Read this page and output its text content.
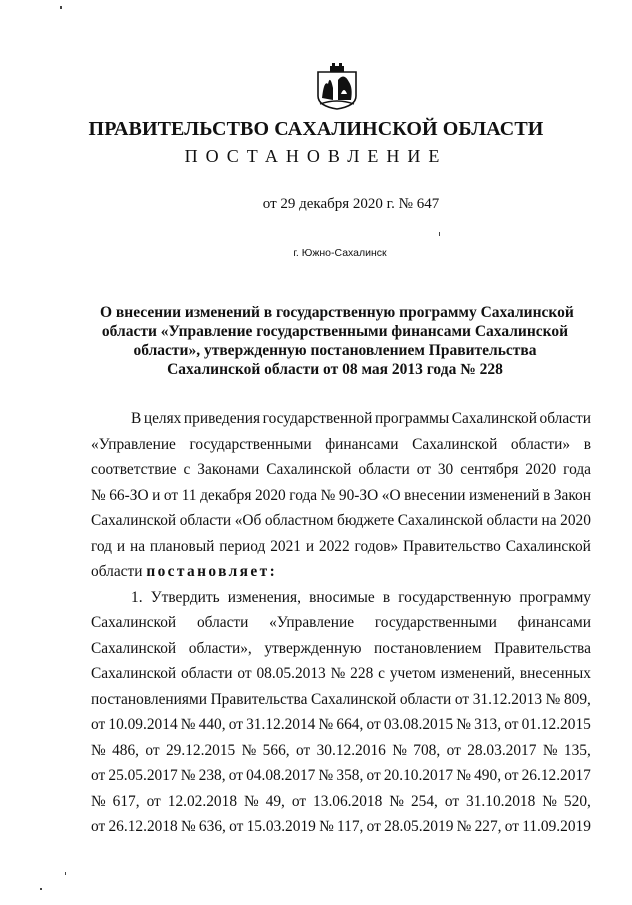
ПРАВИТЕЛЬСТВО САХАЛИНСКОЙ ОБЛАСТИ
ПОСТАНОВЛЕНИЕ
от 29 декабря 2020 г. № 647
г. Южно-Сахалинск
О внесении изменений в государственную программу Сахалинской
области «Управление государственными финансами Сахалинской
области», утвержденную постановлением Правительства
Сахалинской области от 08 мая 2013 года № 228
В целях приведения государственной программы Сахалинской области
«Управление государственными финансами Сахалинской области» в
соответствие с Законами Сахалинской области от 30 сентября 2020 года
№ 66-ЗО и от 11 декабря 2020 года № 90-ЗО «О внесении изменений в Закон
Сахалинской области «Об областном бюджете Сахалинской области на 2020
год и на плановый период 2021 и 2022 годов» Правительство Сахалинской
области
постановляет:
1. Утвердить изменения, вносимые в государственную программу
Сахалинской области «Управление государственными финансами
Сахалинской области», утвержденную постановлением Правительства
Сахалинской области от 08.05.2013 № 228 с учетом изменений, внесенных
постановлениями Правительства Сахалинской области от 31.12.2013 № 809,
от 10.09.2014 № 440, от 31.12.2014 № 664, от 03.08.2015 № 313, от 01.12.2015
№ 486, от 29.12.2015 № 566, от 30.12.2016 № 708, от 28.03.2017 № 135,
от 25.05.2017 № 238, от 04.08.2017 № 358, от 20.10.2017 № 490, от 26.12.2017
№ 617, от 12.02.2018 № 49, от 13.06.2018 № 254, от 31.10.2018 № 520,
от 26.12.2018 № 636, от 15.03.2019 № 117, от 28.05.2019 № 227, от 11.09.2019
